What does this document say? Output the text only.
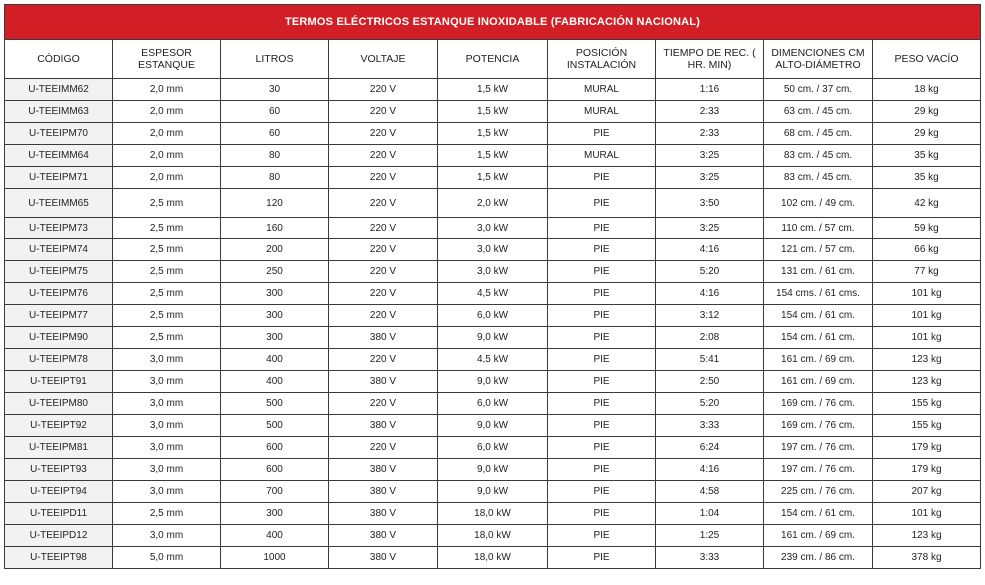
TERMOS ELÉCTRICOS ESTANQUE INOXIDABLE (FABRICACIÓN NACIONAL)								
CÓDIGO	ESPESOR ESTANQUE	LITROS	VOLTAJE	POTENCIA	POSICIÓN INSTALACIÓN	TIEMPO DE REC. ( HR. MIN)	DIMENCIONES CM ALTO-DIÁMETRO	PESO VACÍO
U-TEEIMM62	2,0 mm	30	220 V	1,5 kW	MURAL	1:16	50 cm. / 37 cm.	18 kg
U-TEEIMM63	2,0 mm	60	220 V	1,5 kW	MURAL	2:33	63 cm. / 45 cm.	29 kg
U-TEEIPM70	2,0 mm	60	220 V	1,5 kW	PIE	2:33	68 cm. / 45 cm.	29 kg
U-TEEIMM64	2,0 mm	80	220 V	1,5 kW	MURAL	3:25	83 cm. / 45 cm.	35 kg
U-TEEIPM71	2,0 mm	80	220 V	1,5 kW	PIE	3:25	83 cm. / 45 cm.	35 kg
U-TEEIMM65	2,5 mm	120	220 V	2,0 kW	PIE	3:50	102 cm. / 49 cm.	42 kg
U-TEEIPM73	2,5 mm	160	220 V	3,0 kW	PIE	3:25	110 cm. / 57 cm.	59 kg
U-TEEIPM74	2,5 mm	200	220 V	3,0 kW	PIE	4:16	121 cm. / 57 cm.	66 kg
U-TEEIPM75	2,5 mm	250	220 V	3,0 kW	PIE	5:20	131 cm. / 61 cm.	77 kg
U-TEEIPM76	2,5 mm	300	220 V	4,5 kW	PIE	4:16	154 cms. / 61 cms.	101 kg
U-TEEIPM77	2,5 mm	300	220 V	6,0 kW	PIE	3:12	154 cm. / 61 cm.	101 kg
U-TEEIPM90	2,5 mm	300	380 V	9,0 kW	PIE	2:08	154 cm. / 61 cm.	101 kg
U-TEEIPM78	3,0 mm	400	220 V	4,5 kW	PIE	5:41	161 cm. / 69 cm.	123 kg
U-TEEIPT91	3,0 mm	400	380 V	9,0 kW	PIE	2:50	161 cm. / 69 cm.	123 kg
U-TEEIPM80	3,0 mm	500	220 V	6,0 kW	PIE	5:20	169 cm. / 76 cm.	155 kg
U-TEEIPT92	3,0 mm	500	380 V	9,0 kW	PIE	3:33	169 cm. / 76 cm.	155 kg
U-TEEIPM81	3,0 mm	600	220 V	6,0 kW	PIE	6:24	197 cm. / 76 cm.	179 kg
U-TEEIPT93	3,0 mm	600	380 V	9,0 kW	PIE	4:16	197 cm. / 76 cm.	179 kg
U-TEEIPT94	3,0 mm	700	380 V	9,0 kW	PIE	4:58	225 cm. / 76 cm.	207 kg
U-TEEIPD11	2,5 mm	300	380 V	18,0 kW	PIE	1:04	154 cm. / 61 cm.	101 kg
U-TEEIPD12	3,0 mm	400	380 V	18,0 kW	PIE	1:25	161 cm. / 69 cm.	123 kg
U-TEEIPT98	5,0 mm	1000	380 V	18,0 kW	PIE	3:33	239 cm. / 86 cm.	378 kg
